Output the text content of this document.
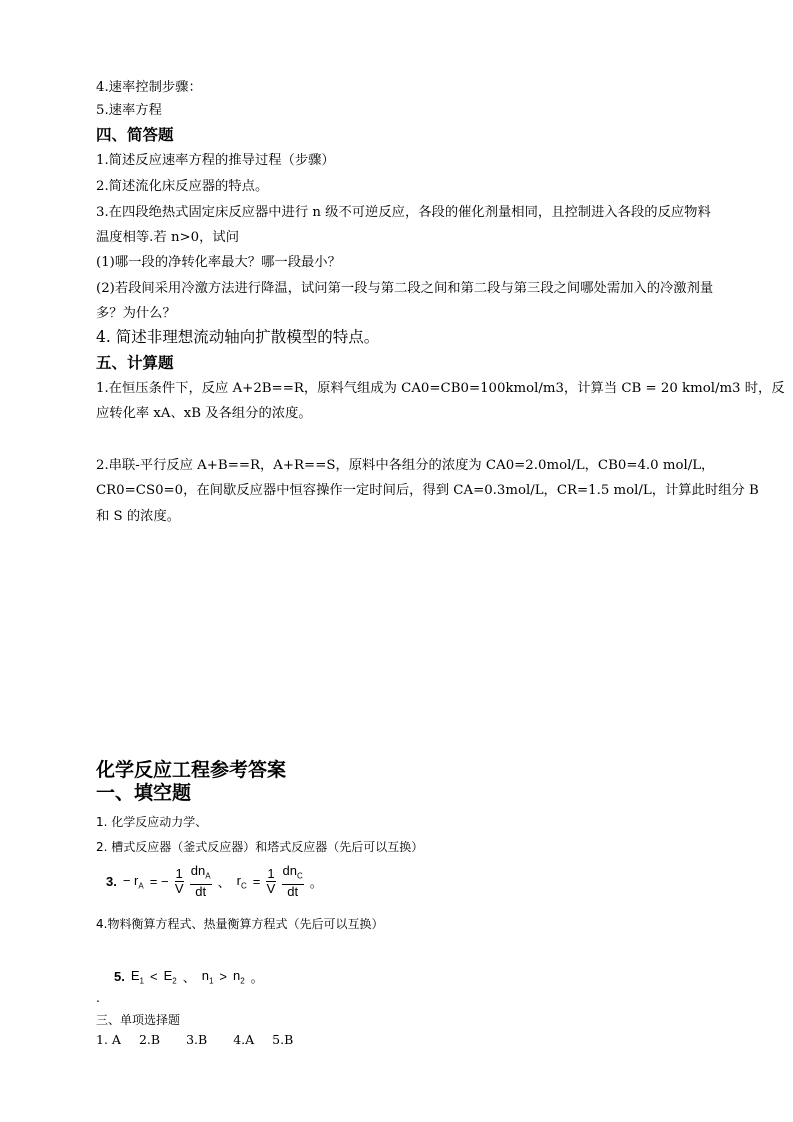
4.速率控制步骤：
5.速率方程
四、简答题
1.简述反应速率方程的推导过程（步骤）
2.简述流化床反应器的特点。
3.在四段绝热式固定床反应器中进行 n 级不可逆反应，各段的催化剂量相同，且控制进入各段的反应物料
温度相等.若 n>0，试问
(1)哪一段的净转化率最大？哪一段最小？
(2)若段间采用冷激方法进行降温，试问第一段与第二段之间和第二段与第三段之间哪处需加入的冷激剂量
多？为什么？
4. 简述非理想流动轴向扩散模型的特点。
五、计算题
1.在恒压条件下，反应 A+2B==R，原料气组成为 CA0=CB0=100kmol/m3，计算当 CB = 20 kmol/m3 时，反
应转化率 xA、xB 及各组分的浓度。
2.串联-平行反应 A+B==R，A+R==S，原料中各组分的浓度为 CA0=2.0mol/L，CB0=4.0 mol/L，
CR0=CS0=0，在间歇反应器中恒容操作一定时间后，得到 CA=0.3mol/L，CR=1.5 mol/L，计算此时组分 B
和 S 的浓度。
化学反应工程参考答案
一、填空题
1. 化学反应动力学、
2. 槽式反应器（釜式反应器）和塔式反应器（先后可以互换）
3. − $r_A$ = − $\frac{1}{V} \frac{dn_A}{dt}$ 、 $r_C = \frac{1}{V} \frac{dn_C}{dt}$ 。
4.物料衡算方程式、热量衡算方程式（先后可以互换）
5. $E_1 < E_2$ 、 $n_1 > n_2$ 。
.
三、单项选择题
1. A 2.B 3.B 4.A 5.B
